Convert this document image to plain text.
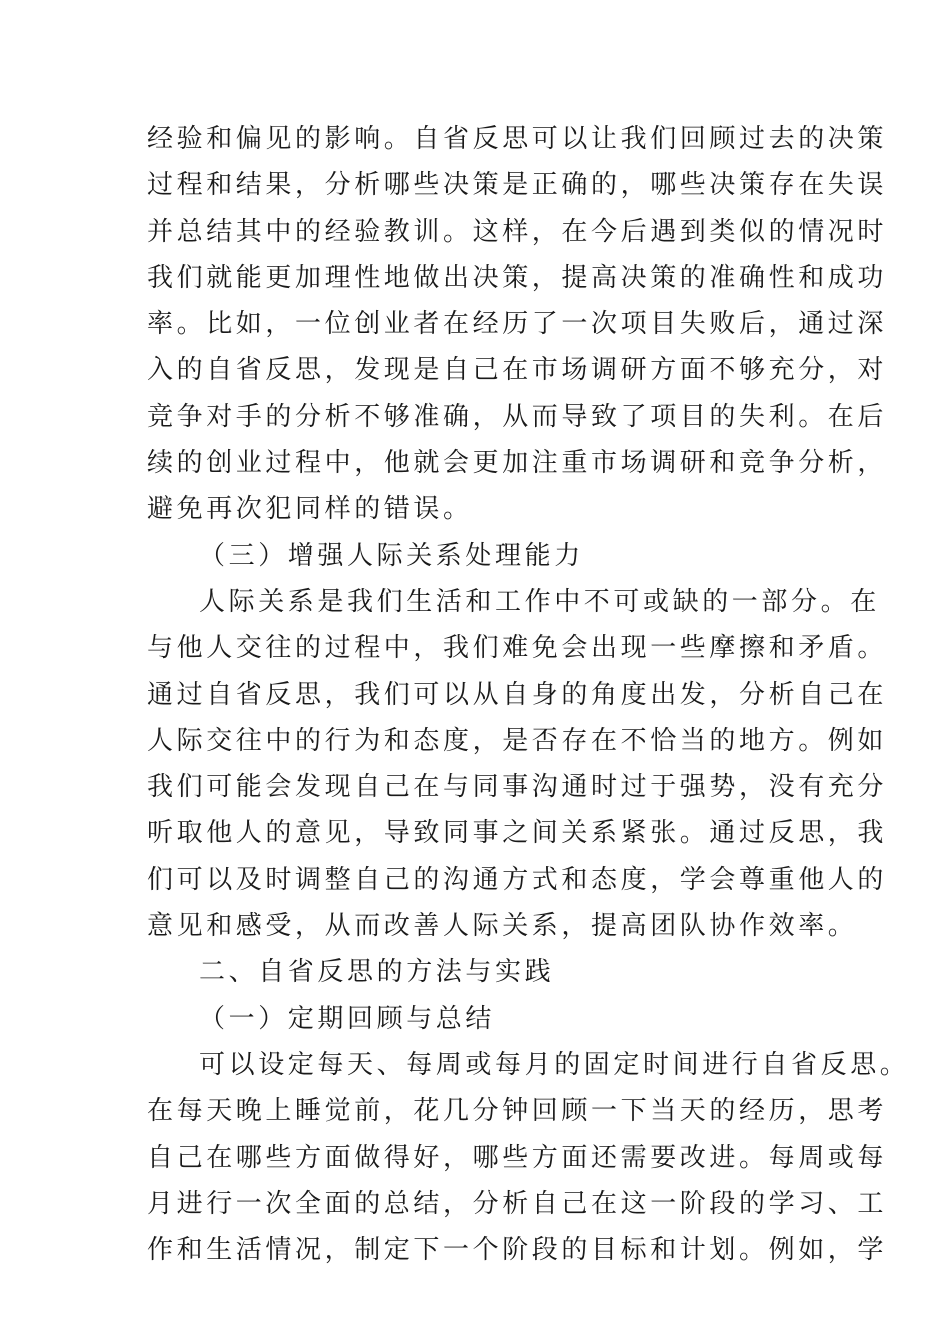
经验和偏见的影响。自省反思可以让我们回顾过去的决策
过程和结果，分析哪些决策是正确的，哪些决策存在失误
并总结其中的经验教训。这样，在今后遇到类似的情况时
我们就能更加理性地做出决策，提高决策的准确性和成功
率。比如，一位创业者在经历了一次项目失败后，通过深
入的自省反思，发现是自己在市场调研方面不够充分，对
竞争对手的分析不够准确，从而导致了项目的失利。在后
续的创业过程中，他就会更加注重市场调研和竞争分析，
避免再次犯同样的错误。
（三）增强人际关系处理能力
人际关系是我们生活和工作中不可或缺的一部分。在
与他人交往的过程中，我们难免会出现一些摩擦和矛盾。
通过自省反思，我们可以从自身的角度出发，分析自己在
人际交往中的行为和态度，是否存在不恰当的地方。例如
我们可能会发现自己在与同事沟通时过于强势，没有充分
听取他人的意见，导致同事之间关系紧张。通过反思，我
们可以及时调整自己的沟通方式和态度，学会尊重他人的
意见和感受，从而改善人际关系，提高团队协作效率。
二、自省反思的方法与实践
（一）定期回顾与总结
可以设定每天、每周或每月的固定时间进行自省反思。
在每天晚上睡觉前，花几分钟回顾一下当天的经历，思考
自己在哪些方面做得好，哪些方面还需要改进。每周或每
月进行一次全面的总结，分析自己在这一阶段的学习、工
作和生活情况，制定下一个阶段的目标和计划。例如，学
